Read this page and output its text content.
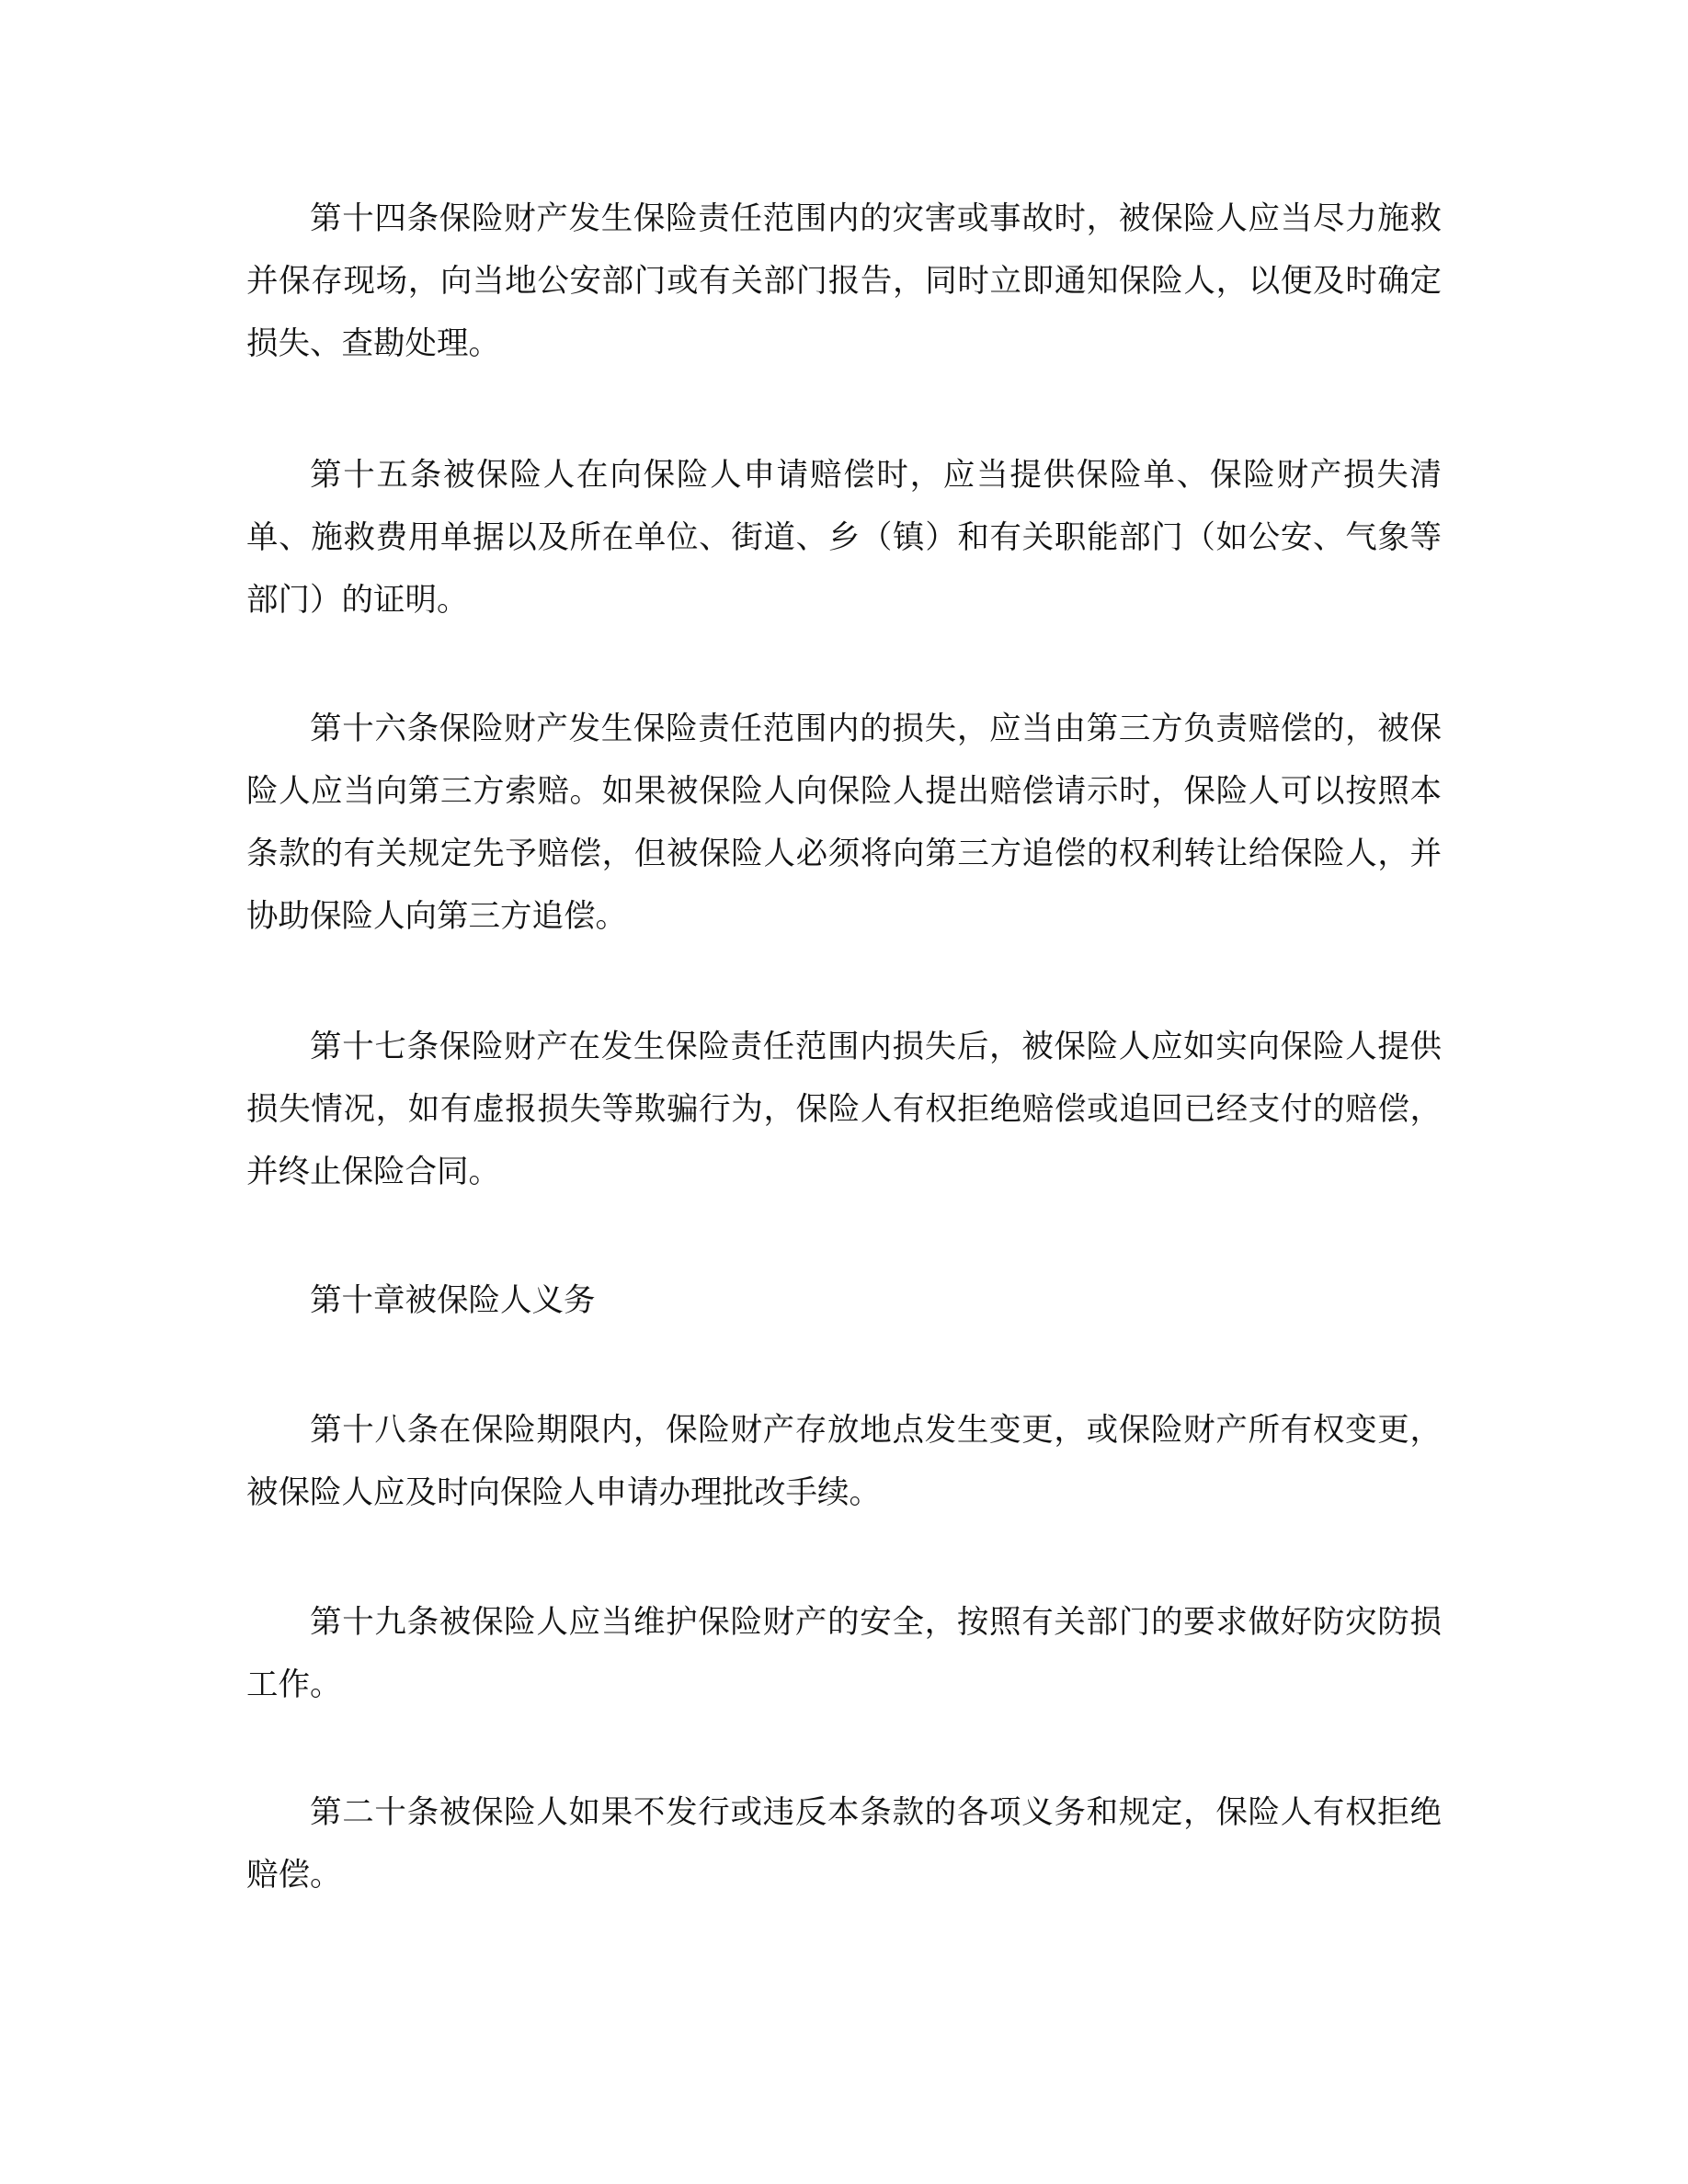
第十四条保险财产发生保险责任范围内的灾害或事故时，被保险人应当尽力施救并保存现场，向当地公安部门或有关部门报告，同时立即通知保险人，以便及时确定损失、查勘处理。

第十五条被保险人在向保险人申请赔偿时，应当提供保险单、保险财产损失清单、施救费用单据以及所在单位、街道、乡（镇）和有关职能部门（如公安、气象等部门）的证明。

第十六条保险财产发生保险责任范围内的损失，应当由第三方负责赔偿的，被保险人应当向第三方索赔。如果被保险人向保险人提出赔偿请示时，保险人可以按照本条款的有关规定先予赔偿，但被保险人必须将向第三方追偿的权利转让给保险人，并协助保险人向第三方追偿。

第十七条保险财产在发生保险责任范围内损失后，被保险人应如实向保险人提供损失情况，如有虚报损失等欺骗行为，保险人有权拒绝赔偿或追回已经支付的赔偿，并终止保险合同。

第十章被保险人义务

第十八条在保险期限内，保险财产存放地点发生变更，或保险财产所有权变更，被保险人应及时向保险人申请办理批改手续。

第十九条被保险人应当维护保险财产的安全，按照有关部门的要求做好防灾防损工作。

第二十条被保险人如果不发行或违反本条款的各项义务和规定，保险人有权拒绝赔偿。
